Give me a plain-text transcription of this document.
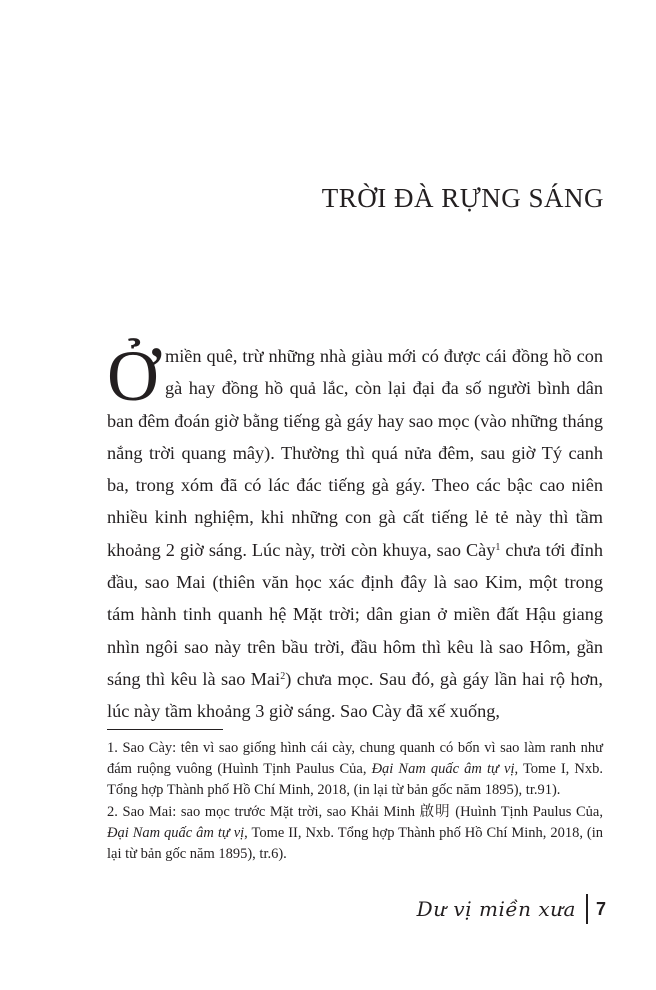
TRỜI ĐÀ RỰNG SÁNG
Ở miền quê, trừ những nhà giàu mới có được cái đồng hồ con gà hay đồng hồ quả lắc, còn lại đại đa số người bình dân ban đêm đoán giờ bằng tiếng gà gáy hay sao mọc (vào những tháng nắng trời quang mây). Thường thì quá nửa đêm, sau giờ Tý canh ba, trong xóm đã có lác đác tiếng gà gáy. Theo các bậc cao niên nhiều kinh nghiệm, khi những con gà cất tiếng lẻ tẻ này thì tầm khoảng 2 giờ sáng. Lúc này, trời còn khuya, sao Cày$^1$ chưa tới đỉnh đầu, sao Mai (thiên văn học xác định đây là sao Kim, một trong tám hành tinh quanh hệ Mặt trời; dân gian ở miền đất Hậu giang nhìn ngôi sao này trên bầu trời, đầu hôm thì kêu là sao Hôm, gần sáng thì kêu là sao Mai$^2$) chưa mọc. Sau đó, gà gáy lần hai rộ hơn, lúc này tầm khoảng 3 giờ sáng. Sao Cày đã xế xuống,

1. Sao Cày: tên vì sao giống hình cái cày, chung quanh có bốn vì sao làm ranh như đám ruộng vuông (Huình Tịnh Paulus Của, Đại Nam quấc âm tự vị, Tome I, Nxb. Tổng hợp Thành phố Hồ Chí Minh, 2018, (in lại từ bản gốc năm 1895), tr.91).

2. Sao Mai: sao mọc trước Mặt trời, sao Khải Minh 啟明 (Huình Tịnh Paulus Của, Đại Nam quấc âm tự vị, Tome II, Nxb. Tổng hợp Thành phố Hồ Chí Minh, 2018, (in lại từ bản gốc năm 1895), tr.6).

Dư vị miền xưa 7
